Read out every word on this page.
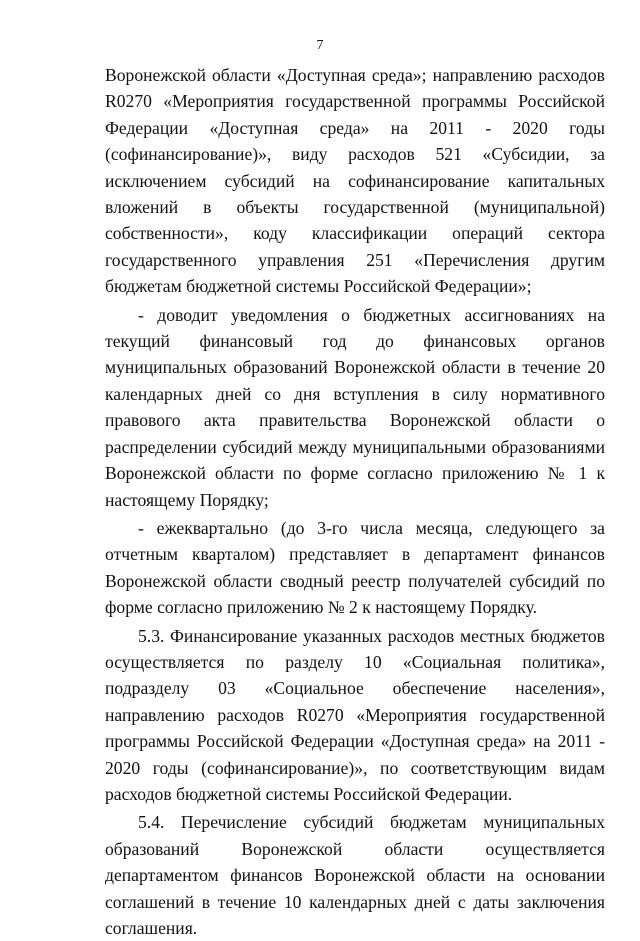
7

Воронежской области «Доступная среда»; направлению расходов R0270 «Мероприятия государственной программы Российской Федерации «Доступная среда» на 2011 - 2020 годы (софинансирование)», виду расходов 521 «Субсидии, за исключением субсидий на софинансирование капитальных вложений в объекты государственной (муниципальной) собственности», коду классификации операций сектора государственного управления 251 «Перечисления другим бюджетам бюджетной системы Российской Федерации»;

- доводит уведомления о бюджетных ассигнованиях на текущий финансовый год до финансовых органов муниципальных образований Воронежской области в течение 20 календарных дней со дня вступления в силу нормативного правового акта правительства Воронежской области о распределении субсидий между муниципальными образованиями Воронежской области по форме согласно приложению № 1 к настоящему Порядку;

- ежеквартально (до 3-го числа месяца, следующего за отчетным кварталом) представляет в департамент финансов Воронежской области сводный реестр получателей субсидий по форме согласно приложению № 2 к настоящему Порядку.

5.3. Финансирование указанных расходов местных бюджетов осуществляется по разделу 10 «Социальная политика», подразделу 03 «Социальное обеспечение населения», направлению расходов R0270 «Мероприятия государственной программы Российской Федерации «Доступная среда» на 2011 - 2020 годы (софинансирование)», по соответствующим видам расходов бюджетной системы Российской Федерации.

5.4. Перечисление субсидий бюджетам муниципальных образований Воронежской области осуществляется департаментом финансов Воронежской области на основании соглашений в течение 10 календарных дней с даты заключения соглашения.
